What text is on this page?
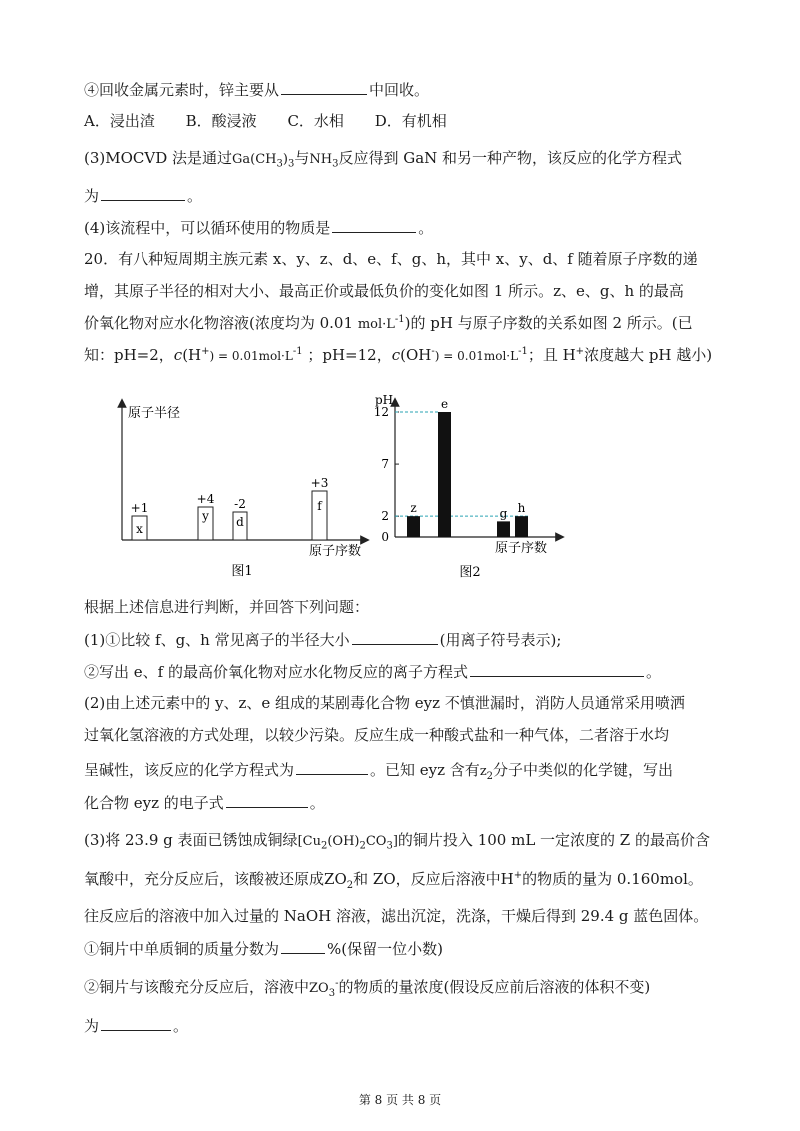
④回收金属元素时，锌主要从	中回收。
A．浸出渣 B．酸浸液 C．水相 D．有机相
(3)MOCVD 法是通过$Ga(CH_3)_3$与$NH_3$反应得到 GaN 和另一种产物，该反应的化学方程式
为	。
(4)该流程中，可以循环使用的物质是	。
20．有八种短周期主族元素 x、y、z、d、e、f、g、h，其中 x、y、d、f 随着原子序数的递
增，其原子半径的相对大小、最高正价或最低负价的变化如图 1 所示。z、e、g、h 的最高
价氧化物对应水化物溶液(浓度均为 0.01 $mol\cdot L^{-1}$)的 pH 与原子序数的关系如图 2 所示。(已
知：pH=2，$c(H^+) = 0.01mol\cdot L^{-1}$ ；pH=12，$c(OH^-) = 0.01mol\cdot L^{-1}$；且 H+浓度越大 pH 越小)
原子半径
原子序数
x
+1
y
+4
d
-2	f
+3
图1
pH
原子序数
0
2
7
12
z
e
g h
图2
根据上述信息进行判断，并回答下列问题：
(1)①比较 f、g、h 常见离子的半径大小	(用离子符号表示);
②写出 e、f 的最高价氧化物对应水化物反应的离子方程式	。
(2)由上述元素中的 y、z、e 组成的某剧毒化合物 eyz 不慎泄漏时，消防人员通常采用喷洒
过氧化氢溶液的方式处理，以较少污染。反应生成一种酸式盐和一种气体，二者溶于水均
呈碱性，该反应的化学方程式为	。已知 eyz 含有$z_2$分子中类似的化学键，写出
化合物 eyz 的电子式	。
(3)将 23.9 g 表面已锈蚀成铜绿$[Cu_2(OH)_2CO_3]$的铜片投入 100 mL 一定浓度的 Z 的最高价含
氧酸中，充分反应后，该酸被还原成$ZO_2$和 ZO，反应后溶液中H+的物质的量为 0.160mol。
往反应后的溶液中加入过量的 NaOH 溶液，滤出沉淀，洗涤，干燥后得到 29.4 g 蓝色固体。
①铜片中单质铜的质量分数为	%(保留一位小数)
②铜片与该酸充分反应后，溶液中$ZO_3^-$的物质的量浓度(假设反应前后溶液的体积不变)
为	。
第 8 页 共 8 页
